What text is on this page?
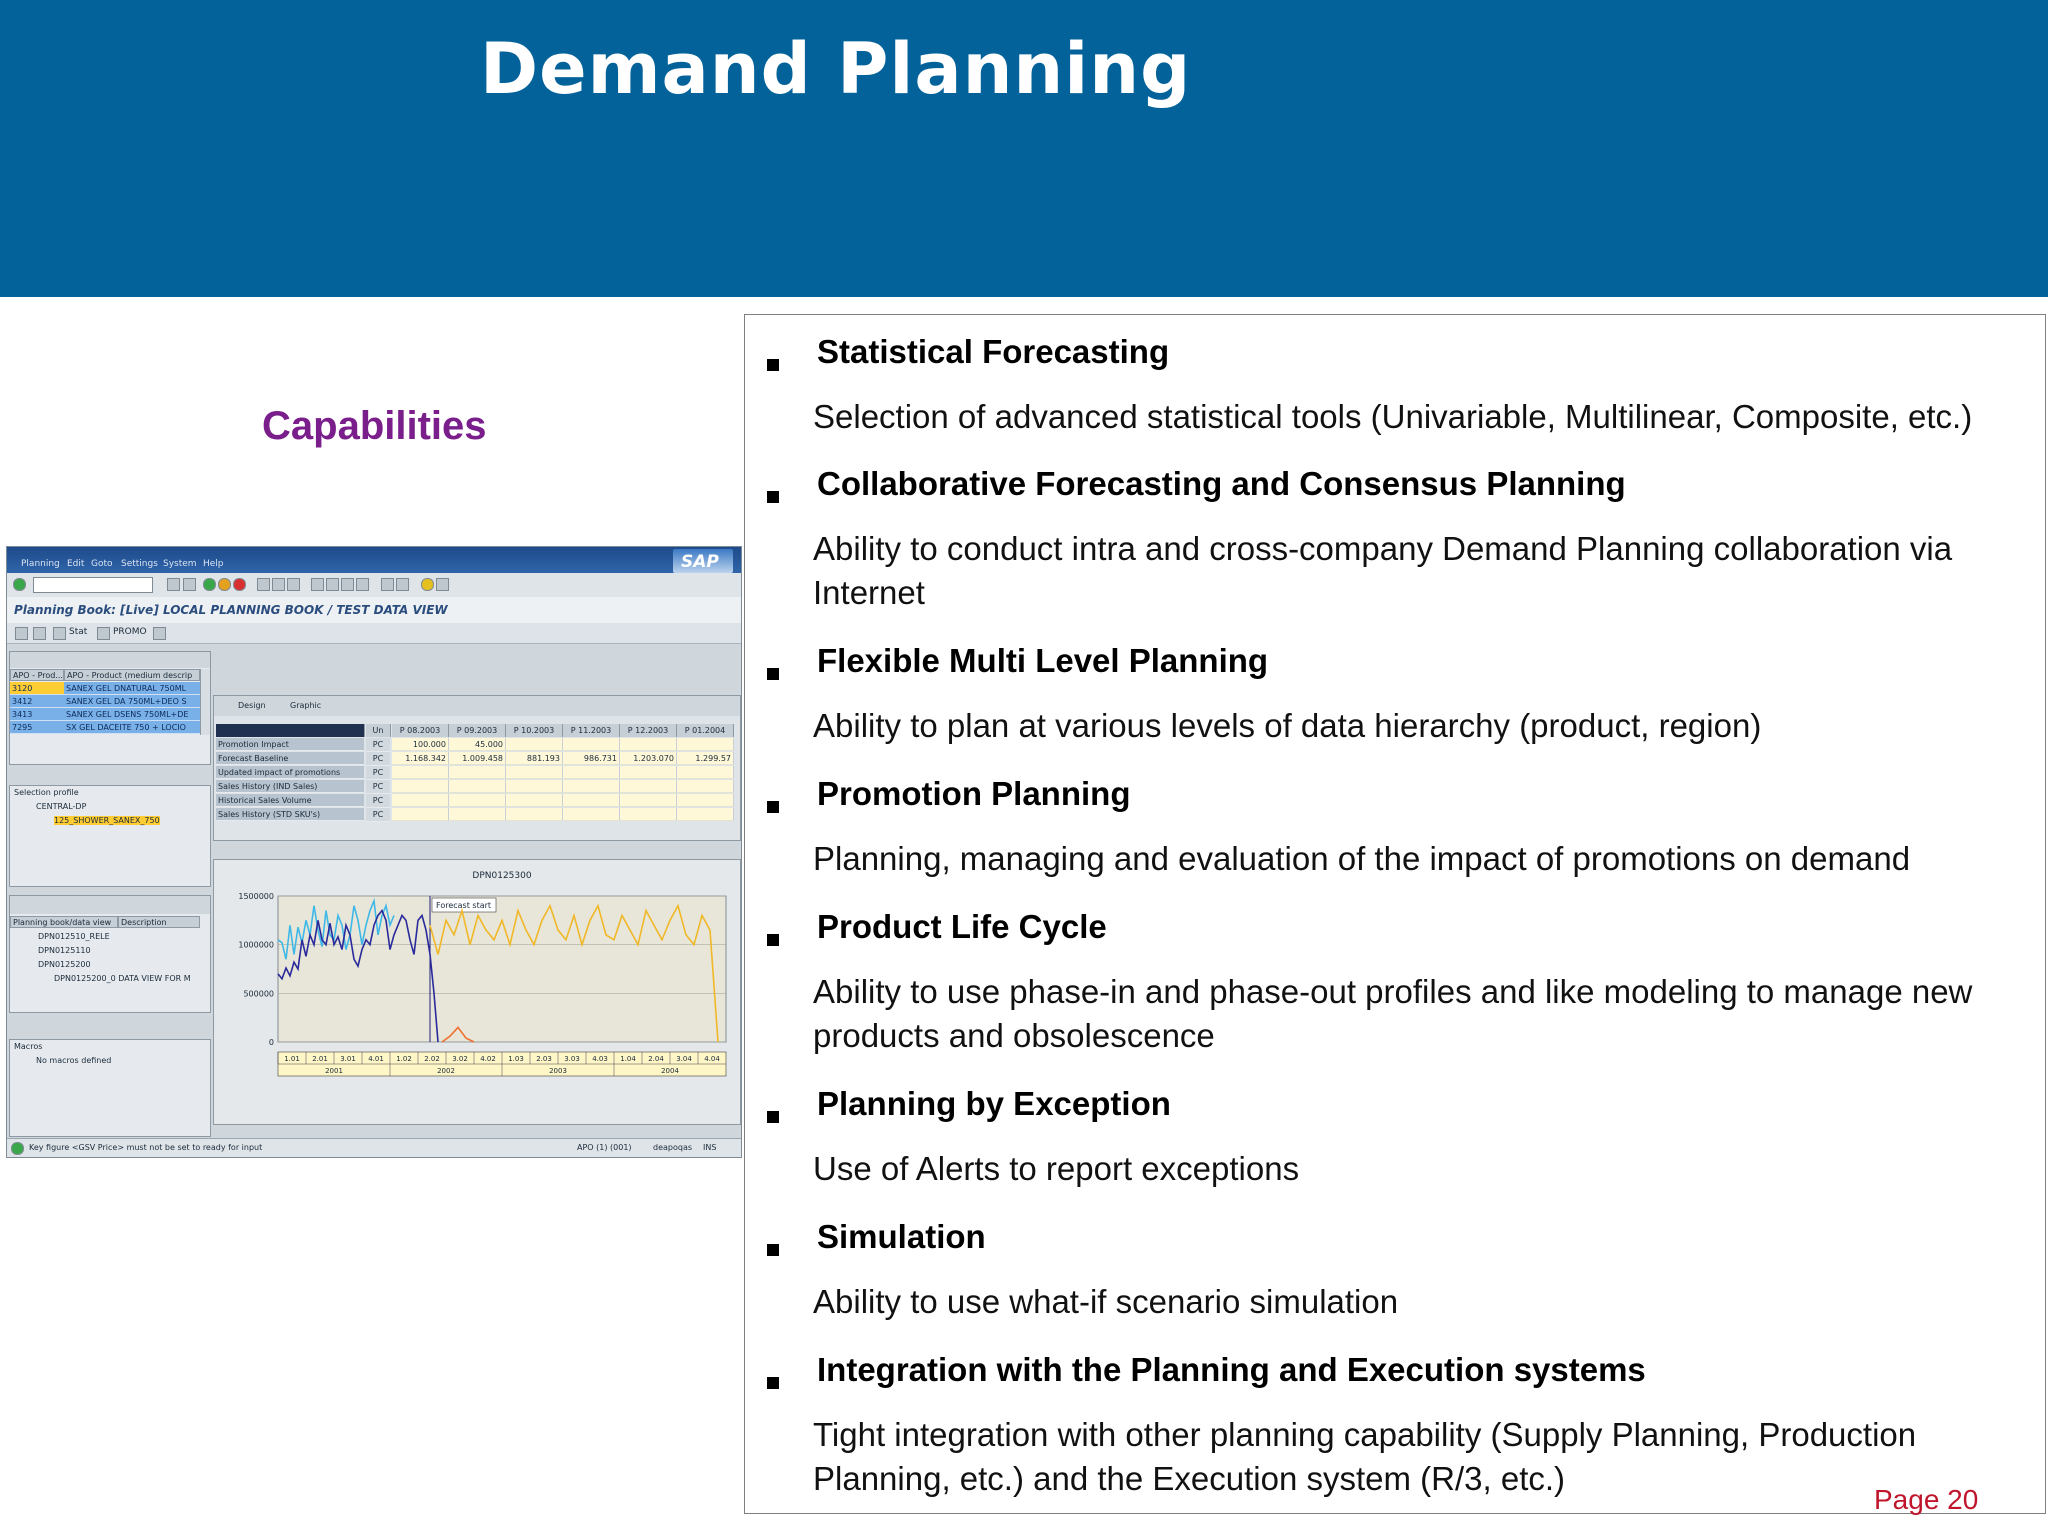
Demand Planning
Capabilities
Planning Edit Goto Settings System Help	SAP
Planning Book: [Live] LOCAL PLANNING BOOK / TEST DATA VIEW
Stat	PROMO
APO - Prod... APO - Product (medium descrip
3120	SANEX GEL DNATURAL 750ML
3412	SANEX GEL DA 750ML+DEO S
3413	SANEX GEL DSENS 750ML+DE
7295	SX GEL DACEITE 750 + LOCIO
Selection profile
CENTRAL-DP
125_SHOWER_SANEX_750
Planning book/data view	Description
DPN012510_RELE
DPN0125110
DPN0125200
DPN0125200_0 DATA VIEW FOR M
Macros
No macros defined
Design	Graphic
Un	P 08.2003	P 09.2003	P 10.2003	P 11.2003	P 12.2003	P 01.2004
Promotion Impact	PC	100.000	45.000
Forecast Baseline	PC	1.168.342	1.009.458	881.193	986.731	1.203.070	1.299.57
Updated impact of promotions	PC
Sales History (IND Sales)	PC
Historical Sales Volume	PC
Sales History (STD SKU's)	PC
DPN0125300
1500000
1000000
500000
0
Forecast start
1.01 2.01 3.01 4.01 1.02 2.02 3.02 4.02 1.03 2.03 3.03 4.03 1.04 2.04 3.04 4.04
2001	2002	2003	2004
Key figure <GSV Price> must not be set to ready for input	APO (1) (001)	deapoqas INS
Statistical Forecasting
Selection of advanced statistical tools (Univariable, Multilinear, Composite, etc.)
Collaborative Forecasting and Consensus Planning
Ability to conduct intra and cross-company Demand Planning collaboration via Internet
Flexible Multi Level Planning
Ability to plan at various levels of data hierarchy (product, region)
Promotion Planning
Planning, managing and evaluation of the impact of promotions on demand
Product Life Cycle
Ability to use phase-in and phase-out profiles and like modeling to manage new products and obsolescence
Planning by Exception
Use of Alerts to report exceptions
Simulation
Ability to use what-if scenario simulation
Integration with the Planning and Execution systems
Tight integration with other planning capability (Supply Planning, Production Planning, etc.) and the Execution system (R/3, etc.)
Page 20
